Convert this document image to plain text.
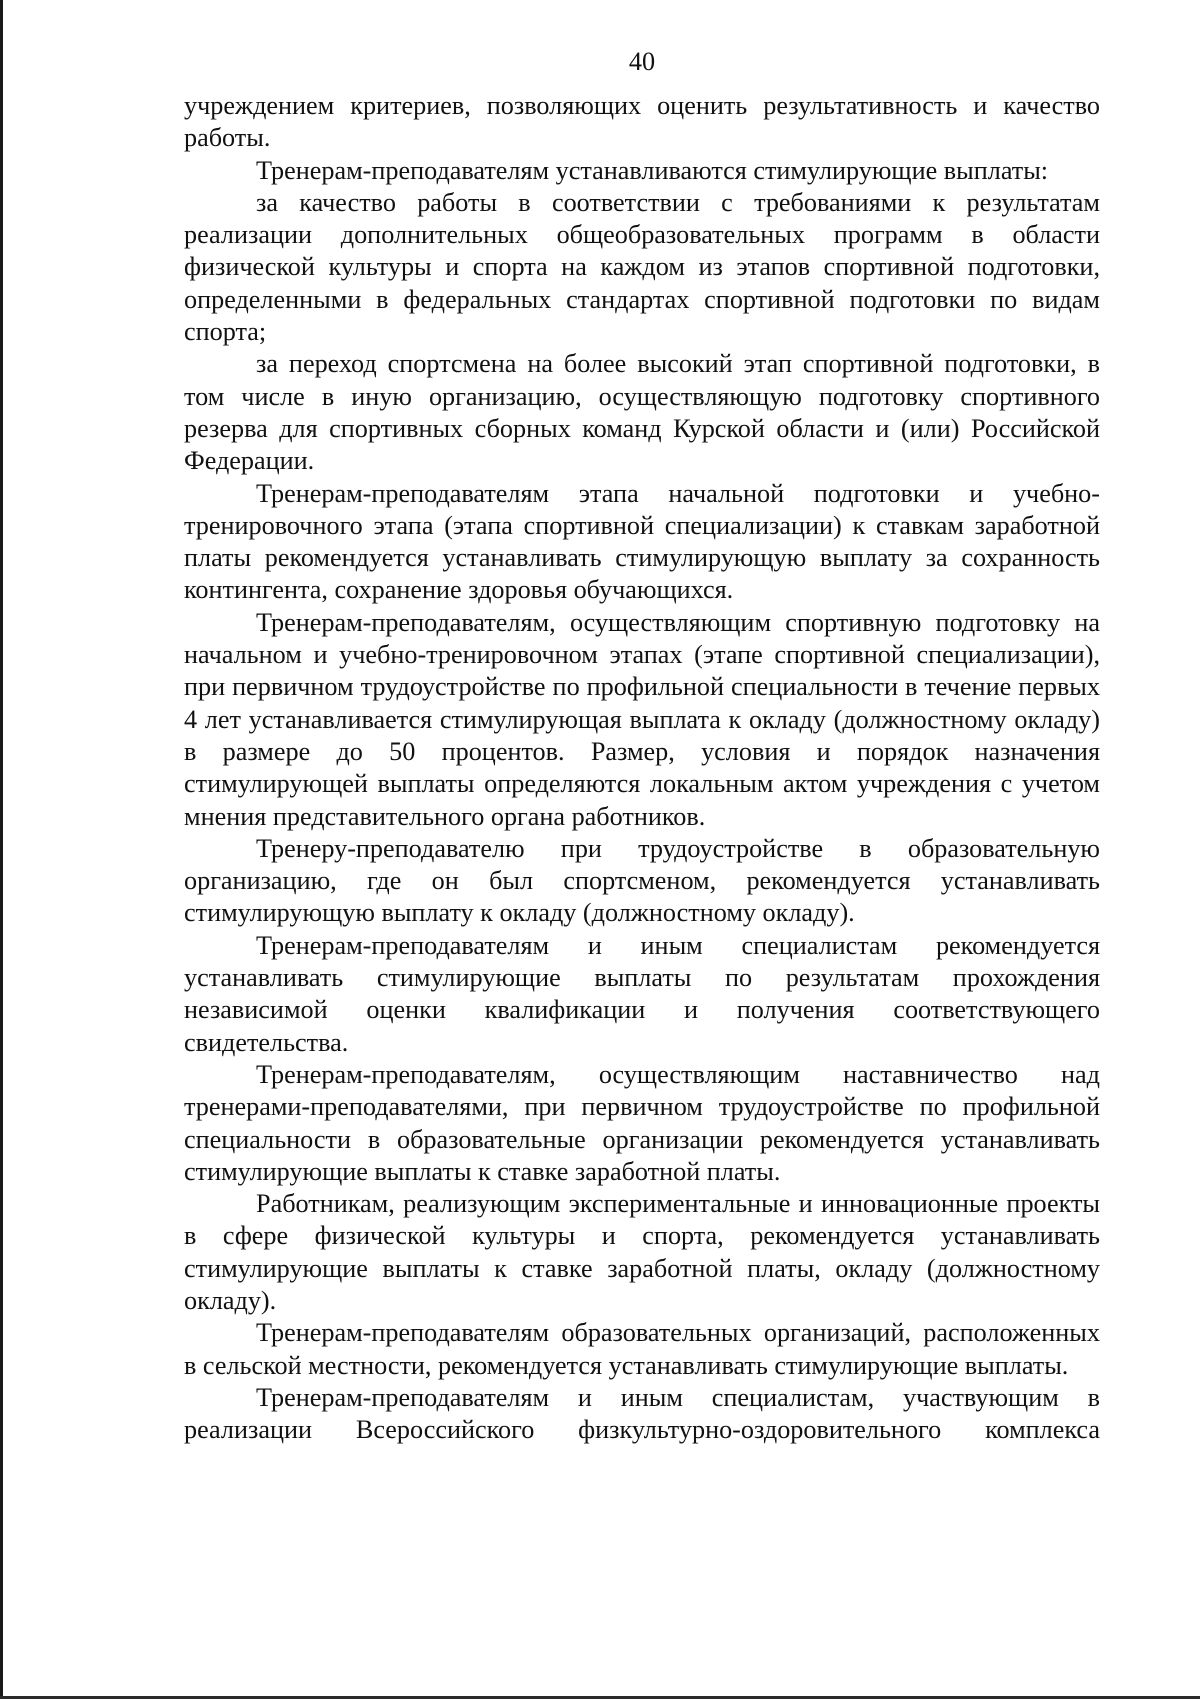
40

учреждением критериев, позволяющих оценить результативность и качество работы.

Тренерам-преподавателям устанавливаются стимулирующие выплаты:

за качество работы в соответствии с требованиями к результатам реализации дополнительных общеобразовательных программ в области физической культуры и спорта на каждом из этапов спортивной подготовки, определенными в федеральных стандартах спортивной подготовки по видам спорта;

за переход спортсмена на более высокий этап спортивной подготовки, в том числе в иную организацию, осуществляющую подготовку спортивного резерва для спортивных сборных команд Курской области и (или) Российской Федерации.

Тренерам-преподавателям этапа начальной подготовки и учебно-тренировочного этапа (этапа спортивной специализации) к ставкам заработной платы рекомендуется устанавливать стимулирующую выплату за сохранность контингента, сохранение здоровья обучающихся.

Тренерам-преподавателям, осуществляющим спортивную подготовку на начальном и учебно-тренировочном этапах (этапе спортивной специализации), при первичном трудоустройстве по профильной специальности в течение первых 4 лет устанавливается стимулирующая выплата к окладу (должностному окладу) в размере до 50 процентов. Размер, условия и порядок назначения стимулирующей выплаты определяются локальным актом учреждения с учетом мнения представительного органа работников.

Тренеру-преподавателю при трудоустройстве в образовательную организацию, где он был спортсменом, рекомендуется устанавливать стимулирующую выплату к окладу (должностному окладу).

Тренерам-преподавателям и иным специалистам рекомендуется устанавливать стимулирующие выплаты по результатам прохождения независимой оценки квалификации и получения соответствующего свидетельства.

Тренерам-преподавателям, осуществляющим наставничество над тренерами-преподавателями, при первичном трудоустройстве по профильной специальности в образовательные организации рекомендуется устанавливать стимулирующие выплаты к ставке заработной платы.

Работникам, реализующим экспериментальные и инновационные проекты в сфере физической культуры и спорта, рекомендуется устанавливать стимулирующие выплаты к ставке заработной платы, окладу (должностному окладу).

Тренерам-преподавателям образовательных организаций, расположенных в сельской местности, рекомендуется устанавливать стимулирующие выплаты.

Тренерам-преподавателям и иным специалистам, участвующим в реализации Всероссийского физкультурно-оздоровительного комплекса
